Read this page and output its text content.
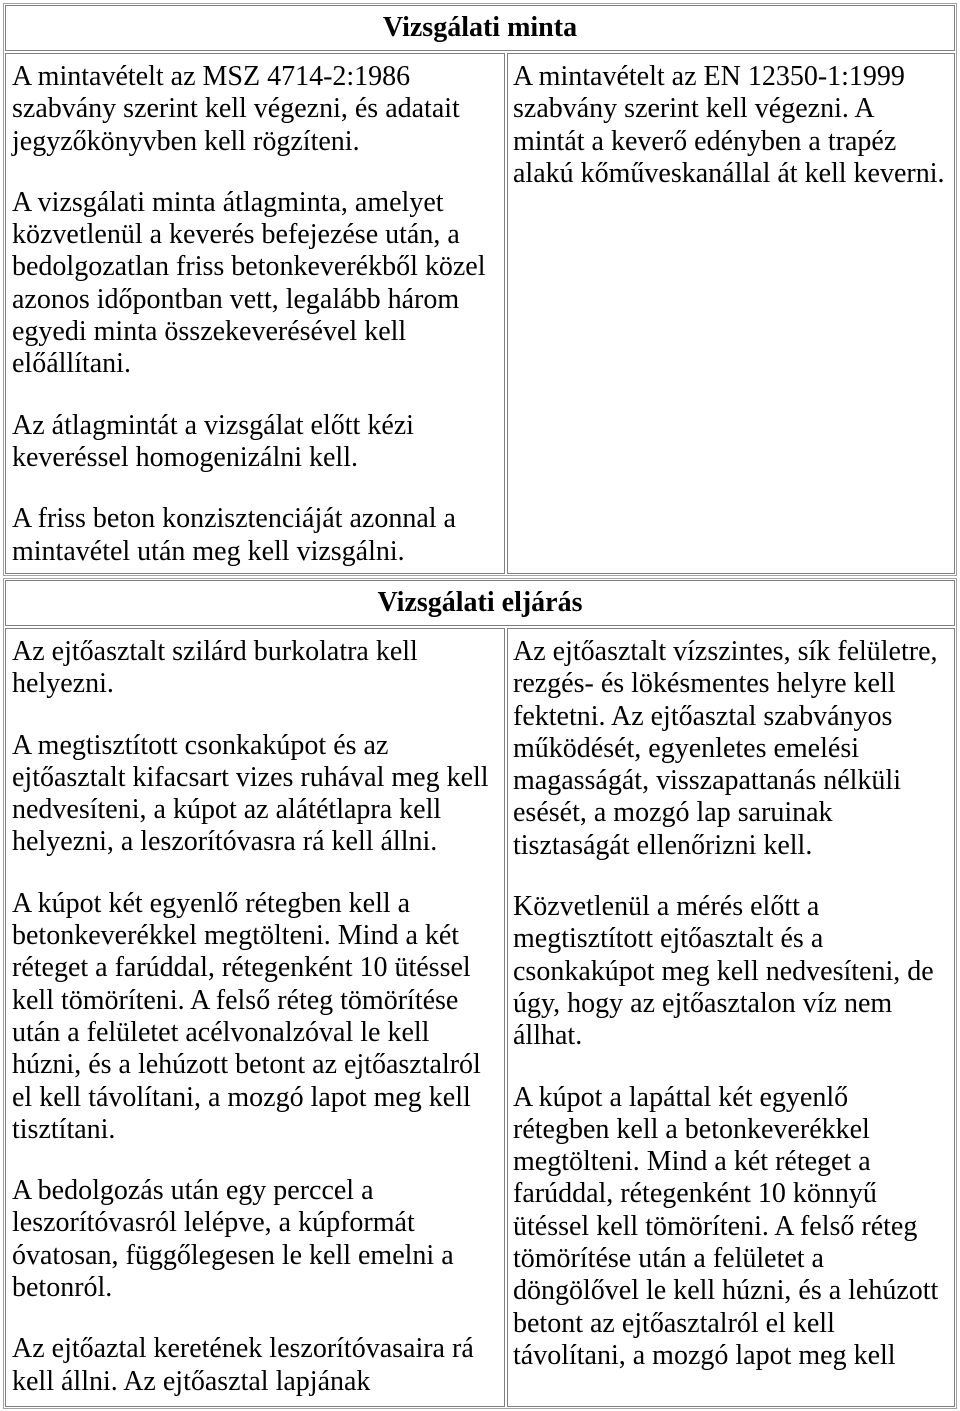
Vizsgálati minta
A mintavételt az MSZ 4714-2:1986
szabvány szerint kell végezni, és adatait
jegyzőkönyvben kell rögzíteni.
A vizsgálati minta átlagminta, amelyet
közvetlenül a keverés befejezése után, a
bedolgozatlan friss betonkeverékből közel
azonos időpontban vett, legalább három
egyedi minta összekeverésével kell
előállítani.
Az átlagmintát a vizsgálat előtt kézi
keveréssel homogenizálni kell.
A friss beton konzisztenciáját azonnal a
mintavétel után meg kell vizsgálni.
A mintavételt az EN 12350-1:1999
szabvány szerint kell végezni. A
mintát a keverő edényben a trapéz
alakú kőműveskanállal át kell keverni.
Vizsgálati eljárás
Az ejtőasztalt szilárd burkolatra kell
helyezni.
A megtisztított csonkakúpot és az
ejtőasztalt kifacsart vizes ruhával meg kell
nedvesíteni, a kúpot az alátétlapra kell
helyezni, a leszorítóvasra rá kell állni.
A kúpot két egyenlő rétegben kell a
betonkeverékkel megtölteni. Mind a két
réteget a farúddal, rétegenként 10 ütéssel
kell tömöríteni. A felső réteg tömörítése
után a felületet acélvonalzóval le kell
húzni, és a lehúzott betont az ejtőasztalról
el kell távolítani, a mozgó lapot meg kell
tisztítani.
A bedolgozás után egy perccel a
leszorítóvasról lelépve, a kúpformát
óvatosan, függőlegesen le kell emelni a
betonról.
Az ejtőaztal keretének leszorítóvasaira rá
kell állni. Az ejtőasztal lapjának
Az ejtőasztalt vízszintes, sík felületre,
rezgés- és lökésmentes helyre kell
fektetni. Az ejtőasztal szabványos
működését, egyenletes emelési
magasságát, visszapattanás nélküli
esését, a mozgó lap saruinak
tisztaságát ellenőrizni kell.
Közvetlenül a mérés előtt a
megtisztított ejtőasztalt és a
csonkakúpot meg kell nedvesíteni, de
úgy, hogy az ejtőasztalon víz nem
állhat.
A kúpot a lapáttal két egyenlő
rétegben kell a betonkeverékkel
megtölteni. Mind a két réteget a
farúddal, rétegenként 10 könnyű
ütéssel kell tömöríteni. A felső réteg
tömörítése után a felületet a
döngölővel le kell húzni, és a lehúzott
betont az ejtőasztalról el kell
távolítani, a mozgó lapot meg kell
